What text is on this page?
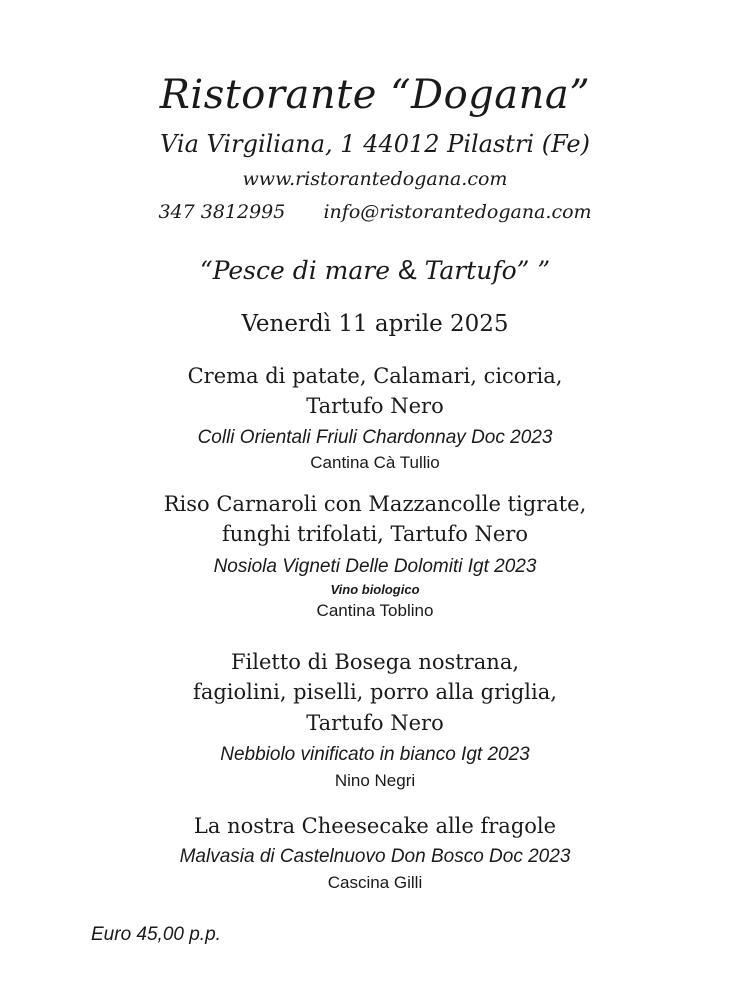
Ristorante “Dogana”
Via Virgiliana, 1 44012 Pilastri (Fe)
www.ristorantedogana.com
347 3812995 info@ristorantedogana.com
“Pesce di mare & Tartufo” ”
Venerdì 11 aprile 2025
Crema di patate, Calamari, cicoria,
Tartufo Nero
Colli Orientali Friuli Chardonnay Doc 2023
Cantina Cà Tullio
Riso Carnaroli con Mazzancolle tigrate,
funghi trifolati, Tartufo Nero
Nosiola Vigneti Delle Dolomiti Igt 2023
Vino biologico
Cantina Toblino
Filetto di Bosega nostrana,
fagiolini, piselli, porro alla griglia,
Tartufo Nero
Nebbiolo vinificato in bianco Igt 2023
Nino Negri
La nostra Cheesecake alle fragole
Malvasia di Castelnuovo Don Bosco Doc 2023
Cascina Gilli
Euro 45,00 p.p.
